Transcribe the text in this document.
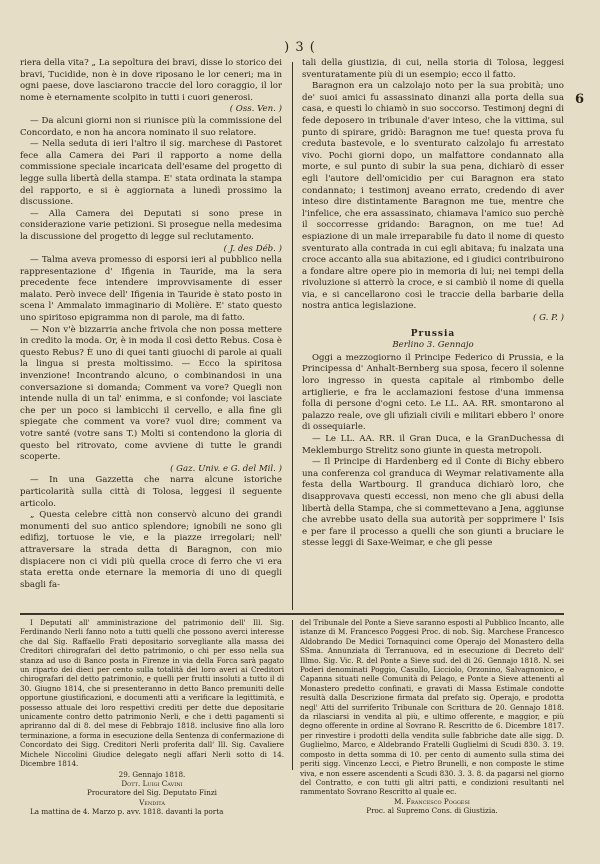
) 3 (
6

riera della vita? „ La sepoltura dei bravi, disse lo storico dei bravi, Tucidide, non è in dove riposano le lor ceneri; ma in ogni paese, dove lasciarono traccie del loro coraggio, il lor nome è eternamente scolpito in tutti i cuori generosi.

( Oss. Ven. )

— Da alcuni giorni non si riunisce più la commissione del Concordato, e non ha ancora nominato il suo relatore.

— Nella seduta di ieri l'altro il sig. marchese di Pastoret fece alla Camera dei Pari il rapporto a nome della commissione speciale incaricata dell'esame del progetto di legge sulla libertà della stampa. E' stata ordinata la stampa del rapporto, e si è aggiornata a lunedì prossimo la discussione.

— Alla Camera dei Deputati si sono prese in considerazione varie petizioni. Si prosegue nella medesima la discussione del progetto di legge sul reclutamento.

( J. des Déb. )

— Talma aveva promesso di esporsi ieri al pubblico nella rappresentazione d' Ifigenia in Tauride, ma la sera precedente fece intendere improvvisamente di esser malato. Però invece dell' Ifigenia in Tauride è stato posto in scena l' Ammalato immaginario di Molière. E' stato questo uno spiritoso epigramma non di parole, ma di fatto.

— Non v'è bizzarria anche frivola che non possa mettere in credito la moda. Or, è in moda il così detto Rebus. Cosa è questo Rebus? È uno di quei tanti giuochi di parole ai quali la lingua si presta moltissimo. — Ecco la spiritosa invenzione! Incontrando alcuno, o combinandosi in una conversazione si domanda; Comment va vore? Quegli non intende nulla di un tal' enimma, e si confonde; voi lasciate che per un poco si lambicchi il cervello, e alla fine gli spiegate che comment va vore? vuol dire; comment va votre santé (votre sans T.) Molti si contendono la gloria di questo bel ritrovato, come avviene di tutte le grandi scoperte.

( Gaz. Univ. e G. del Mil. )

— In una Gazzetta che narra alcune istoriche particolarità sulla città di Tolosa, leggesi il seguente articolo.

„ Questa celebre città non conservò alcuno dei grandi monumenti del suo antico splendore; ignobili ne sono gli edifizj, tortuose le vie, e la piazze irregolari; nell' attraversare la strada detta di Baragnon, con mio dispiacere non ci vidi più quella croce di ferro che vi era stata eretta onde eternare la memoria di uno di quegli sbagli fa-

tali della giustizia, di cui, nella storia di Tolosa, leggesi sventuratamente più di un esempio; ecco il fatto.

Baragnon era un calzolajo noto per la sua probità; uno de' suoi amici fu assassinato dinanzi alla porta della sua casa, e questi lo chiamò in suo soccorso. Testimonj degni di fede deposero in tribunale d'aver inteso, che la vittima, sul punto di spirare, gridò: Baragnon me tue! questa prova fu creduta bastevole, e lo sventurato calzolajo fu arrestato vivo. Pochi giorni dopo, un malfattore condannato alla morte, e sul punto di subir la sua pena, dichiarò di esser egli l'autore dell'omicidio per cui Baragnon era stato condannato; i testimonj aveano errato, credendo di aver inteso dire distintamente Baragnon me tue, mentre che l'infelice, che era assassinato, chiamava l'amico suo perchè il soccorresse gridando: Baragnon, on me tue! Ad espiazione di un male irreparabile fu dato il nome di questo sventurato alla contrada in cui egli abitava; fu inalzata una croce accanto alla sua abitazione, ed i giudici contribuirono a fondare altre opere pio in memoria di lui; nei tempi della rivoluzione si atterrò la croce, e si cambiò il nome di quella via, e si cancellarono così le traccie della barbarie della nostra antica legislazione.

( G. P. )

Prussia
Berlino 3. Gennajo

Oggi a mezzogiorno il Principe Federico di Prussia, e la Principessa d' Anhalt-Bernberg sua sposa, fecero il solenne loro ingresso in questa capitale al rimbombo delle artiglierie, e fra le acclamazioni festose d'una immensa folla di persone d'ogni ceto. Le LL. AA. RR. smontarono al palazzo reale, ove gli ufiziali civili e militari ebbero l' onore di ossequiarle.

— Le LL. AA. RR. il Gran Duca, e la GranDuchessa di Meklemburgo Strelitz sono giunte in questa metropoli.

— Il Principe di Hardenberg ed il Conte di Bichy ebbero una conferenza col granduca di Weymar relativamente alla festa della Wartbourg. Il granduca dichiarò loro, che disapprovava questi eccessi, non meno che gli abusi della libertà della Stampa, che si commettevano a Jena, aggiunse che avrebbe usato della sua autorità per sopprimere l' Isis e per fare il processo a quelli che son giunti a bruciare le stesse leggi di Saxe-Weimar, e che gli pesse

I Deputati all' amministrazione del patrimonio dell' Ill. Sig. Ferdinando Nerli fanno noto a tutti quelli che possono averci interesse che dal Sig. Raffaello Frati depositario sorvegliante alla massa dei Creditori chirografari del detto patrimonio, o chi per esso nella sua stanza ad uso di Banco posta in Firenze in via della Forca sarà pagato un riparto dei dieci per cento sulla totalità dei loro averi ai Creditori chirografari del detto patrimonio, e quelli per frutti insoluti a tutto il di 30. Giugno 1814, che si presenteranno in detto Banco premuniti delle opportune giustificazioni, e documenti atti a verificare la legittimità, e possesso attuale dei loro respettivi crediti per dette due depositarie unicamente contro detto patrimonio Nerli, e che i detti pagamenti si apriranno dal di 8. del mese di Febbrajo 1818. inclusive fino alla loro terminazione, a forma in esecuzione della Sentenza di confermazione di Concordato dei Sigg. Creditori Nerli proferita dall' Ill. Sig. Cavaliere Michele Niccolini Giudice delegato negli affari Nerli sotto di 14. Dicembre 1814.

29. Gennajo 1818.

Dott. Luigi Cavini

Procuratore del Sig. Deputato Finzi

Vendita

La mattina de 4. Marzo p. avv. 1818. davanti la porta

del Tribunale del Ponte a Sieve saranno esposti al Pubblico Incanto, alle istanze di M. Francesco Poggesi Proc. di nob. Sig. Marchese Francesco Aldobrando De Medici Tornaquinci come Operajo del Monastero della SSma. Annunziata di Terranuova, ed in esecuzione di Decreto dell' Illmo. Sig. Vic. R. del Ponte a Sieve sud. del di 26. Gennajo 1818. N. sei Poderi denominati Poggio, Casullo, Licciolo, Orzonino, Salvagnonico, e Capanna situati nelle Comunità di Pelago, e Ponte a Sieve attenenti al Monastero predetto confinati, e gravati di Massa Estimale condotte resultà dalla Descrizione firmata dal prefato sig. Operajo, e prodotta negl' Atti del surriferito Tribunale con Scrittura de 20. Gennajo 1818. da rilasciarsi in vendita al più, e ultimo offerente, e maggior, e più degno offerente in ordine al Sovrano R. Rescritto de 6. Dicembre 1817. per rinvestire i prodotti della vendita sulle fabbriche date alle sigg. D. Guglielmo, Marco, e Aldebrando Fratelli Guglielmi di Scudi 830. 3. 19. composto in detta somma di 10. per cento di aumento sulla stima dei periti sigg. Vincenzo Lecci, e Pietro Brunelli, e non composte le stime viva, e non essere ascendenti a Scudi 830. 3. 3. 8. da pagarsi nel giorno del Contratto, e con tutti gli altri patti, e condizioni resultanti nel rammentato Sovrano Rescritto al quale ec.

M. Francesco Poggesi

Proc. al Supremo Cons. di Giustizia.
